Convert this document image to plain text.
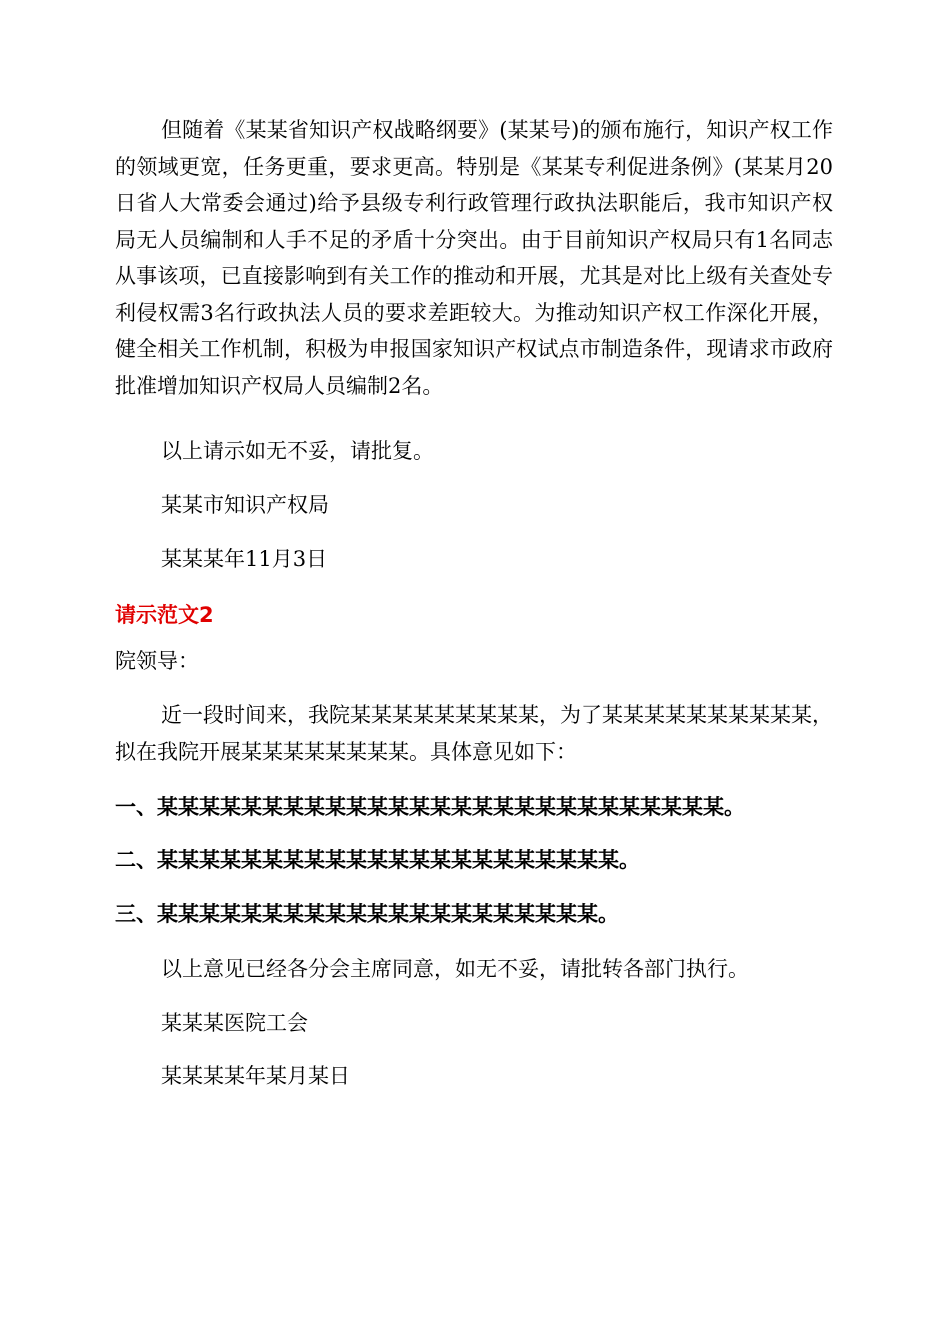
但随着《某某省知识产权战略纲要》(某某号)的颁布施行，知识产权工作的领域更宽，任务更重，要求更高。特别是《某某专利促进条例》(某某月20日省人大常委会通过)给予县级专利行政管理行政执法职能后，我市知识产权局无人员编制和人手不足的矛盾十分突出。由于目前知识产权局只有1名同志从事该项，已直接影响到有关工作的推动和开展，尤其是对比上级有关查处专利侵权需3名行政执法人员的要求差距较大。为推动知识产权工作深化开展，健全相关工作机制，积极为申报国家知识产权试点市制造条件，现请求市政府批准增加知识产权局人员编制2名。

以上请示如无不妥，请批复。

某某市知识产权局

某某某年11月3日

请示范文2

院领导：

近一段时间来，我院某某某某某某某某某，为了某某某某某某某某某某，拟在我院开展某某某某某某某某。具体意见如下：

一、某某某某某某某某某某某某某某某某某某某某某某某某某某某。

二、某某某某某某某某某某某某某某某某某某某某某某。

三、某某某某某某某某某某某某某某某某某某某某某。

以上意见已经各分会主席同意，如无不妥，请批转各部门执行。

某某某医院工会

某某某某年某月某日
